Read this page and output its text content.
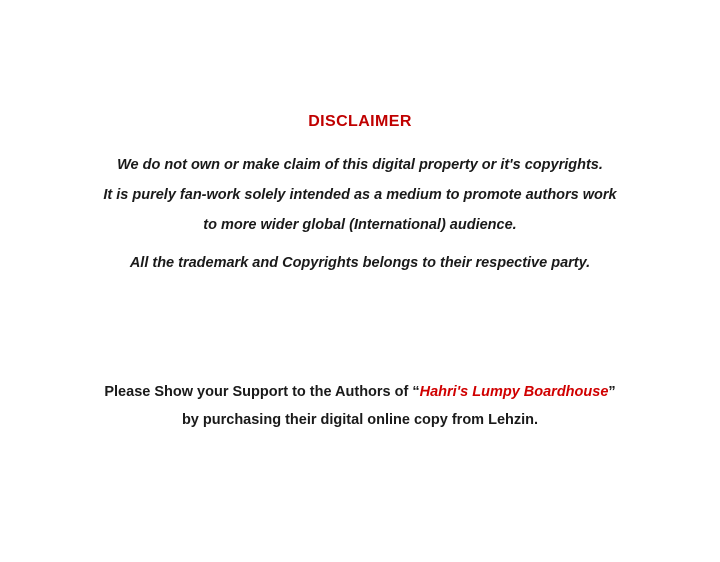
DISCLAIMER
We do not own or make claim of this digital property or it's copyrights.
It is purely fan-work solely intended as a medium to promote authors work
to more wider global (International) audience.
All the trademark and Copyrights belongs to their respective party.
Please Show your Support to the Authors of “Hahri's Lumpy Boardhouse”
by purchasing their digital online copy from Lehzin.
